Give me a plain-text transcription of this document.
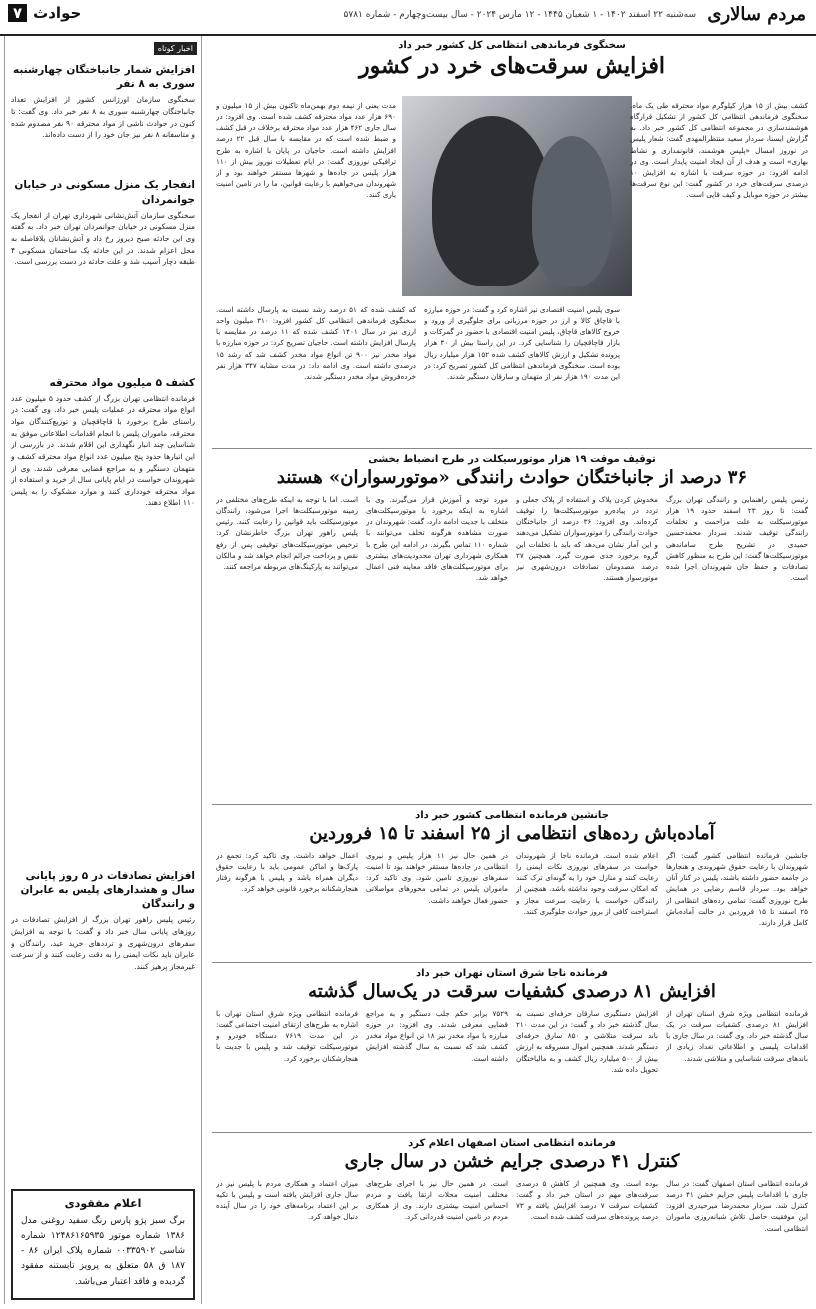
مردم سالاری
سه‌شنبه ۲۲ اسفند ۱۴۰۲ - ۱ شعبان ۱۴۴۵ - ۱۲ مارس ۲۰۲۴ - سال بیست‌وچهارم - شماره ۵۷۸۱
حوادث
۷
اخبار کوتاه
افزایش شمار جانباختگان چهارشنبه سوری به ۸ نفر
سخنگوی سازمان اورژانس کشور از افزایش تعداد جانباختگان چهارشنبه سوری به ۸ نفر خبر داد. وی گفت: تا کنون در حوادث ناشی از مواد محترقه ۹۰ نفر مصدوم شده و متاسفانه ۸ نفر نیز جان خود را از دست داده‌اند.
انفجار یک منزل مسکونی در خیابان جوانمردان
سخنگوی سازمان آتش‌نشانی شهرداری تهران از انفجار یک منزل مسکونی در خیابان جوانمردان تهران خبر داد. به گفته وی این حادثه صبح دیروز رخ داد و آتش‌نشانان بلافاصله به محل اعزام شدند. در این حادثه یک ساختمان مسکونی ۴ طبقه دچار آسیب شد و علت حادثه در دست بررسی است.
کشف ۵ میلیون مواد محترقه
فرمانده انتظامی تهران بزرگ از کشف حدود ۵ میلیون عدد انواع مواد محترقه در عملیات پلیس خبر داد. وی گفت: در راستای طرح برخورد با قاچاقچیان و توزیع‌کنندگان مواد محترقه، ماموران پلیس با انجام اقدامات اطلاعاتی موفق به شناسایی چند انبار نگهداری این اقلام شدند. در بازرسی از این انبارها حدود پنج میلیون عدد انواع مواد محترقه کشف و متهمان دستگیر و به مراجع قضایی معرفی شدند. وی از شهروندان خواست در ایام پایانی سال از خرید و استفاده از مواد محترقه خودداری کنند و موارد مشکوک را به پلیس ۱۱۰ اطلاع دهند.
افزایش تصادفات در ۵ روز پایانی سال و هشدارهای پلیس به عابران و رانندگان
رئیس پلیس راهور تهران بزرگ از افزایش تصادفات در روزهای پایانی سال خبر داد و گفت: با توجه به افزایش سفرهای درون‌شهری و ترددهای خرید عید، رانندگان و عابران باید نکات ایمنی را به دقت رعایت کنند و از سرعت غیرمجاز پرهیز کنند.
اعلام مفقودی
برگ سبز پژو پارس رنگ سفید روغنی مدل ۱۳۸۶ شماره موتور ۱۲۴۸۶۱۶۵۹۳۵ شماره شاسی ۰۰۳۳۵۹۰۲ شماره پلاک ایران ۸۶ - ۱۸۷ ق ۵۸ متعلق به پرویز تابستنه مفقود گردیده و فاقد اعتبار می‌باشد.
سخنگوی فرماندهی انتظامی کل کشور خبر داد
افزایش سرقت‌های خرد در کشور
کشف بیش از ۱۵ هزار کیلوگرم مواد محترقه طی یک ماه. سخنگوی فرماندهی انتظامی کل کشور از تشکیل قرارگاه هوشمندسازی در مجموعه انتظامی کل کشور خبر داد. به گزارش ایسنا، سردار سعید منتظرالمهدی گفت: شعار پلیس در نوروز امسال «پلیس هوشمند، قانونمداری و نشاط بهاری» است و هدف از آن ایجاد امنیت پایدار است. وی در ادامه افزود: در حوزه سرقت با اشاره به افزایش ۱۰ درصدی سرقت‌های خرد در کشور گفت: این نوع سرقت‌ها بیشتر در حوزه موبایل و کیف قاپی است.
مدت یعنی از نیمه دوم بهمن‌ماه تاکنون بیش از ۱۵ میلیون و ۶۹۰ هزار عدد مواد محترقه کشف شده است. وی افزود: در سال جاری ۴۶۲ هزار عدد مواد محترقه برخلاف در قبل کشف و ضبط شده است که در مقایسه با سال قبل ۲۲ درصد افزایش داشته است. حاجیان در پایان با اشاره به طرح ترافیکی نوروزی گفت: در ایام تعطیلات نوروز بیش از ۱۱۰ هزار پلیس در جاده‌ها و شهرها مستقر خواهند بود و از شهروندان می‌خواهیم با رعایت قوانین، ما را در تامین امنیت یاری کنند.
که کشف شده که ۵۱ درصد رشد نسبت به پارسال داشته است. سخنگوی فرماندهی انتظامی کل کشور افزود: ۳۱۰ میلیون واحد ارزی نیز در سال ۱۴۰۱ کشف شده که ۱۱ درصد در مقایسه با پارسال افزایش داشته است. حاجیان تصریح کرد: در حوزه مبارزه با مواد مخدر نیز ۹۰۰ تن انواع مواد مخدر کشف شد که رشد ۱۵ درصدی داشته است. وی ادامه داد: در مدت مشابه ۳۴۷ هزار نفر خرده‌فروش مواد مخدر دستگیر شدند.
سوی پلیس امنیت اقتصادی نیز اشاره کرد و گفت: در حوزه مبارزه با قاچاق کالا و ارز در حوزه مرزبانی برای جلوگیری از ورود و خروج کالاهای قاچاق، پلیس امنیت اقتصادی با حضور در گمرکات و بازار قاچاقچیان را شناسایی کرد. در این راستا بیش از ۴۰ هزار پرونده تشکیل و ارزش کالاهای کشف شده ۱۵۲ هزار میلیارد ریال بوده است. سخنگوی فرماندهی انتظامی کل کشور تصریح کرد: در این مدت ۱۹۰ هزار نفر از متهمان و سارقان دستگیر شدند.
توقیف موقت ۱۹ هزار موتورسیکلت در طرح انضباط بخشی
۳۶ درصد از جانباختگان حوادث رانندگی «موتورسواران» هستند
رئیس پلیس راهنمایی و رانندگی تهران بزرگ گفت: تا روز ۲۳ اسفند حدود ۱۹ هزار موتورسیکلت به علت مزاحمت و تخلفات رانندگی توقیف شدند. سردار محمدحسین حمیدی در تشریح طرح ساماندهی موتورسیکلت‌ها گفت: این طرح به منظور کاهش تصادفات و حفظ جان شهروندان اجرا شده است.
مخدوش کردن پلاک و استفاده از پلاک جعلی و تردد در پیاده‌رو موتورسیکلت‌ها را توقیف کرده‌اند. وی افزود: ۳۶ درصد از جانباختگان حوادث رانندگی را موتورسواران تشکیل می‌دهند و این آمار نشان می‌دهد که باید با تخلفات این گروه برخورد جدی صورت گیرد. همچنین ۲۷ درصد مصدومان تصادفات درون‌شهری نیز موتورسوار هستند.
مورد توجه و آموزش قرار می‌گیرند. وی با اشاره به اینکه برخورد با موتورسیکلت‌های متخلف با جدیت ادامه دارد، گفت: شهروندان در صورت مشاهده هرگونه تخلف می‌توانند با شماره ۱۱۰ تماس بگیرند. در ادامه این طرح با همکاری شهرداری تهران محدودیت‌های بیشتری برای موتورسیکلت‌های فاقد معاینه فنی اعمال خواهد شد.
است. اما با توجه به اینکه طرح‌های مختلفی در زمینه موتورسیکلت‌ها اجرا می‌شود، رانندگان موتورسیکلت باید قوانین را رعایت کنند. رئیس پلیس راهور تهران بزرگ خاطرنشان کرد: ترخیص موتورسیکلت‌های توقیفی پس از رفع نقص و پرداخت جرائم انجام خواهد شد و مالکان می‌توانند به پارکینگ‌های مربوطه مراجعه کنند.
جانشین فرمانده انتظامی کشور خبر داد
آماده‌باش رده‌های انتظامی از ۲۵ اسفند تا ۱۵ فروردین
جانشین فرمانده انتظامی کشور گفت: اگر شهروندان با رعایت حقوق شهروندی و هنجارها در جامعه حضور داشته باشند، پلیس در کنار آنان خواهد بود. سردار قاسم رضایی در همایش طرح نوروزی گفت: تمامی رده‌های انتظامی از ۲۵ اسفند تا ۱۵ فروردین در حالت آماده‌باش کامل قرار دارند.
اعلام شده است. فرمانده ناجا از شهروندان خواست در سفرهای نوروزی نکات ایمنی را رعایت کنند و منازل خود را به گونه‌ای ترک کنند که امکان سرقت وجود نداشته باشد. همچنین از رانندگان خواست با رعایت سرعت مجاز و استراحت کافی از بروز حوادث جلوگیری کنند.
در همین حال نیز ۱۱ هزار پلیس و نیروی انتظامی در جاده‌ها مستقر خواهند بود تا امنیت سفرهای نوروزی تامین شود. وی تاکید کرد: ماموران پلیس در تمامی محورهای مواصلاتی حضور فعال خواهند داشت.
اعمال خواهد داشت. وی تاکید کرد: تجمع در پارک‌ها و اماکن عمومی باید با رعایت حقوق دیگران همراه باشد و پلیس با هرگونه رفتار هنجارشکنانه برخورد قانونی خواهد کرد.
فرمانده ناجا شرق استان تهران خبر داد
افزایش ۸۱ درصدی کشفیات سرقت در یک‌سال گذشته
فرمانده انتظامی ویژه شرق استان تهران از افزایش ۸۱ درصدی کشفیات سرقت در یک سال گذشته خبر داد. وی گفت: در سال جاری با اقدامات پلیسی و اطلاعاتی تعداد زیادی از باندهای سرقت شناسایی و متلاشی شدند.
افزایش دستگیری سارقان حرفه‌ای نسبت به سال گذشته خبر داد و گفت: در این مدت ۲۱۰ باند سرقت متلاشی و ۸۵۰ سارق حرفه‌ای دستگیر شدند. همچنین اموال مسروقه به ارزش بیش از ۵۰۰ میلیارد ریال کشف و به مالباختگان تحویل داده شد.
۷۵۲۹ برابر حکم جلب دستگیر و به مراجع قضایی معرفی شدند. وی افزود: در حوزه مبارزه با مواد مخدر نیز ۱۸ تن انواع مواد مخدر کشف شد که نسبت به سال گذشته افزایش داشته است.
فرمانده انتظامی ویژه شرق استان تهران با اشاره به طرح‌های ارتقای امنیت اجتماعی گفت: در این مدت ۷۶۱۹ دستگاه خودرو و موتورسیکلت توقیف شد و پلیس با جدیت با هنجارشکنان برخورد کرد.
فرمانده انتظامی استان اصفهان اعلام کرد
کنترل ۴۱ درصدی جرایم خشن در سال جاری
فرمانده انتظامی استان اصفهان گفت: در سال جاری با اقدامات پلیس جرایم خشن ۴۱ درصد کنترل شد. سردار محمدرضا میرحیدری افزود: این موفقیت حاصل تلاش شبانه‌روزی ماموران انتظامی است.
بوده است. وی همچنین از کاهش ۵ درصدی سرقت‌های مهم در استان خبر داد و گفت: کشفیات سرقت ۷ درصد افزایش یافته و ۷۳ درصد پرونده‌های سرقت کشف شده است.
است. در همین حال نیز با اجرای طرح‌های مختلف امنیت محلات ارتقا یافت و مردم احساس امنیت بیشتری دارند. وی از همکاری مردم در تامین امنیت قدردانی کرد.
میزان اعتماد و همکاری مردم با پلیس نیز در سال جاری افزایش یافته است و پلیس با تکیه بر این اعتماد برنامه‌های خود را در سال آینده دنبال خواهد کرد.
